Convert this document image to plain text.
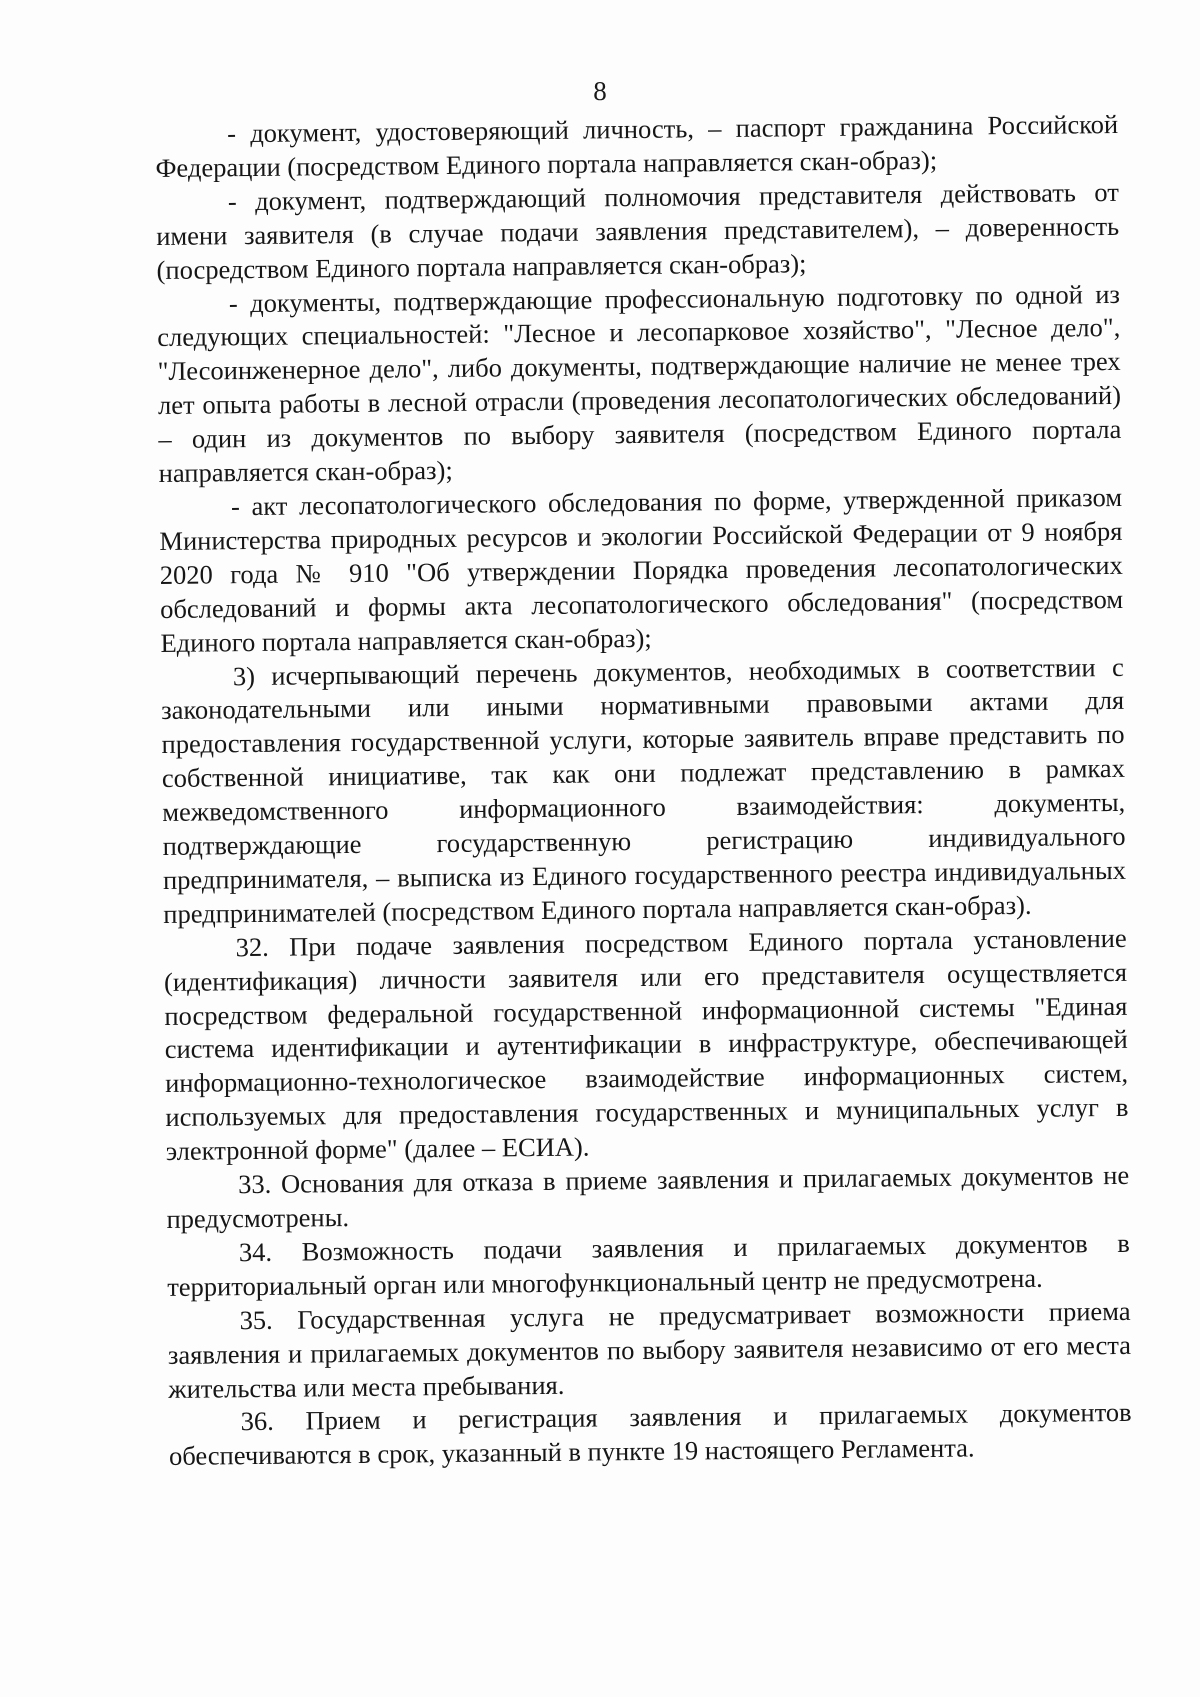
8

- документ, удостоверяющий личность, – паспорт гражданина Российской Федерации (посредством Единого портала направляется скан-образ);

- документ, подтверждающий полномочия представителя действовать от имени заявителя (в случае подачи заявления представителем), – доверенность (посредством Единого портала направляется скан-образ);

- документы, подтверждающие профессиональную подготовку по одной из следующих специальностей: "Лесное и лесопарковое хозяйство", "Лесное дело", "Лесоинженерное дело", либо документы, подтверждающие наличие не менее трех лет опыта работы в лесной отрасли (проведения лесопатологических обследований) – один из документов по выбору заявителя (посредством Единого портала направляется скан-образ);

- акт лесопатологического обследования по форме, утвержденной приказом Министерства природных ресурсов и экологии Российской Федерации от 9 ноября 2020 года № 910 "Об утверждении Порядка проведения лесопатологических обследований и формы акта лесопатологического обследования" (посредством Единого портала направляется скан-образ);

3) исчерпывающий перечень документов, необходимых в соответствии с законодательными или иными нормативными правовыми актами для предоставления государственной услуги, которые заявитель вправе представить по собственной инициативе, так как они подлежат представлению в рамках межведомственного информационного взаимодействия: документы, подтверждающие государственную регистрацию индивидуального предпринимателя, – выписка из Единого государственного реестра индивидуальных предпринимателей (посредством Единого портала направляется скан-образ).

32. При подаче заявления посредством Единого портала установление (идентификация) личности заявителя или его представителя осуществляется посредством федеральной государственной информационной системы "Единая система идентификации и аутентификации в инфраструктуре, обеспечивающей информационно-технологическое взаимодействие информационных систем, используемых для предоставления государственных и муниципальных услуг в электронной форме" (далее – ЕСИА).

33. Основания для отказа в приеме заявления и прилагаемых документов не предусмотрены.

34. Возможность подачи заявления и прилагаемых документов в территориальный орган или многофункциональный центр не предусмотрена.

35. Государственная услуга не предусматривает возможности приема заявления и прилагаемых документов по выбору заявителя независимо от его места жительства или места пребывания.

36. Прием и регистрация заявления и прилагаемых документов обеспечиваются в срок, указанный в пункте 19 настоящего Регламента.
